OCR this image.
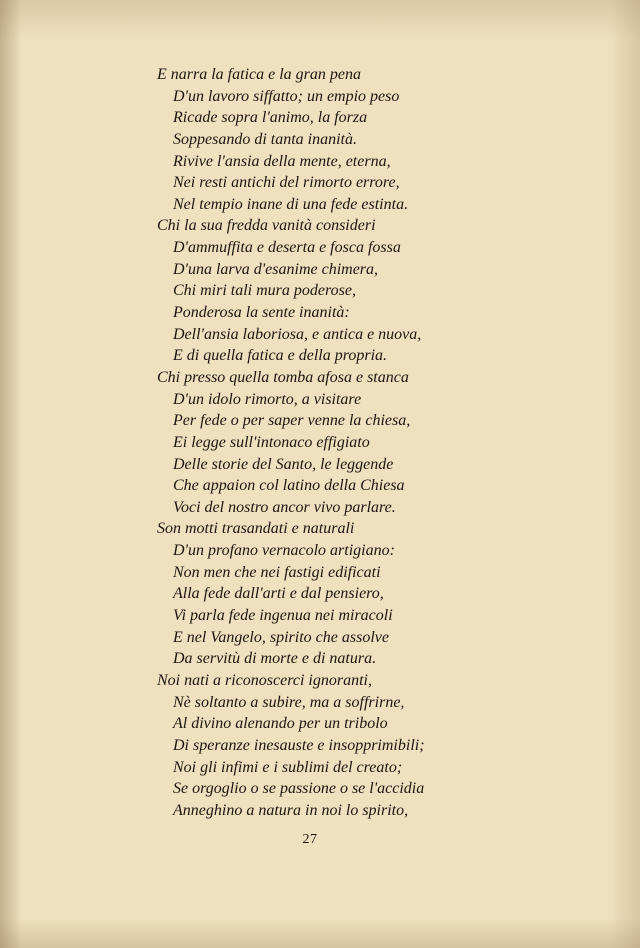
E narra la fatica e la gran pena
D'un lavoro siffatto; un empio peso
Ricade sopra l'animo, la forza
Soppesando di tanta inanità.
Rivive l'ansia della mente, eterna,
Nei resti antichi del rimorto errore,
Nel tempio inane di una fede estinta.
Chi la sua fredda vanità consideri
D'ammuffita e deserta e fosca fossa
D'una larva d'esanime chimera,
Chi miri tali mura poderose,
Ponderosa la sente inanità:
Dell'ansia laboriosa, e antica e nuova,
E di quella fatica e della propria.
Chi presso quella tomba afosa e stanca
D'un idolo rimorto, a visitare
Per fede o per saper venne la chiesa,
Ei legge sull'intonaco effigiato
Delle storie del Santo, le leggende
Che appaion col latino della Chiesa
Voci del nostro ancor vivo parlare.
Son motti trasandati e naturali
D'un profano vernacolo artigiano:
Non men che nei fastigi edificati
Alla fede dall'arti e dal pensiero,
Vi parla fede ingenua nei miracoli
E nel Vangelo, spirito che assolve
Da servitù di morte e di natura.
Noi nati a riconoscerci ignoranti,
Nè soltanto a subire, ma a soffrirne,
Al divino alenando per un tribolo
Di speranze inesauste e insopprimibili;
Noi gli infimi e i sublimi del creato;
Se orgoglio o se passione o se l'accidia
Anneghino a natura in noi lo spirito,
27
